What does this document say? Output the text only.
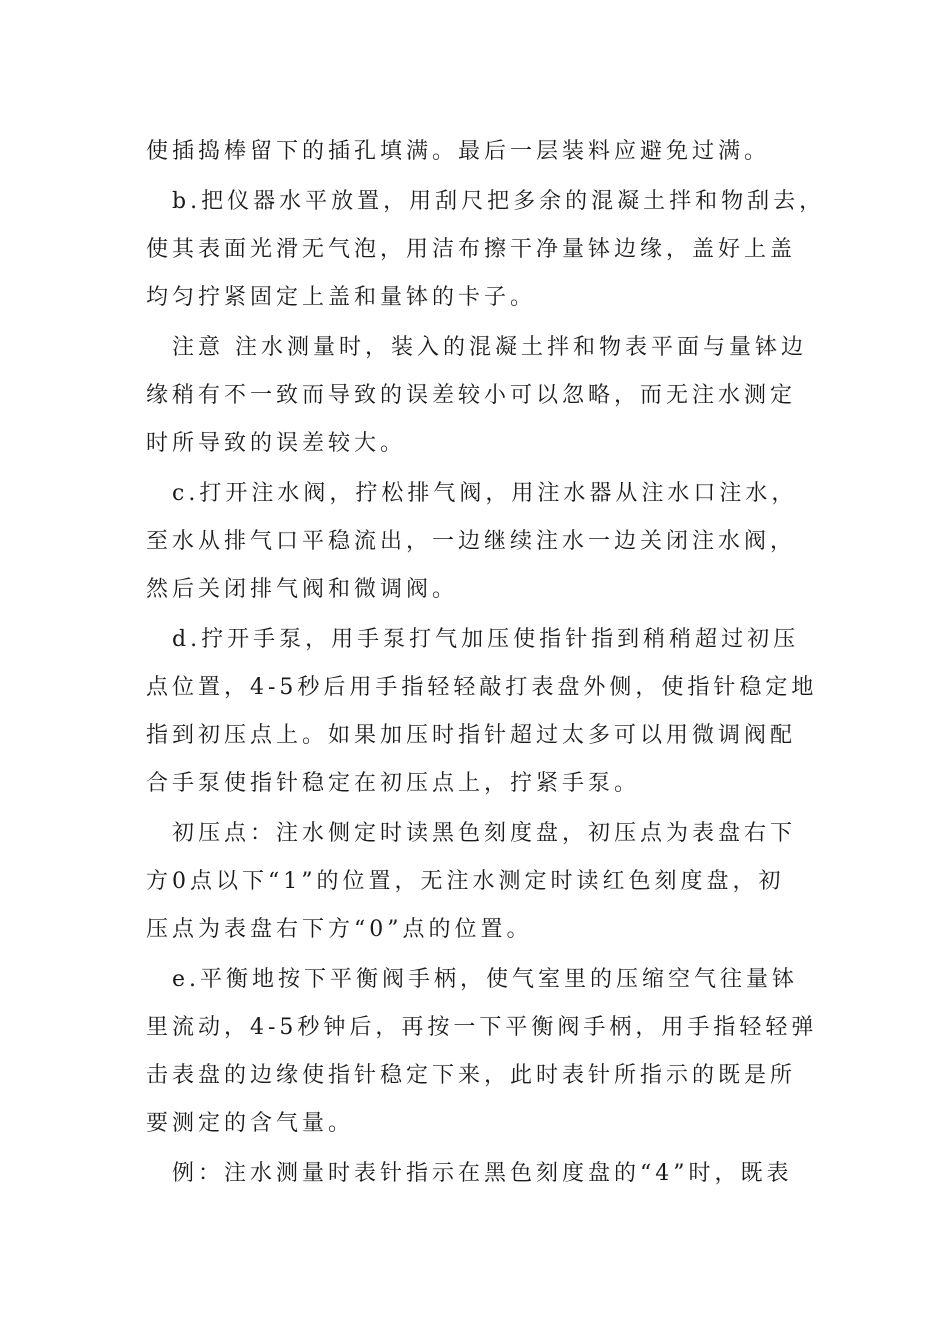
使插捣棒留下的插孔填满。最后一层装料应避免过满。
b.把仪器水平放置，用刮尺把多余的混凝土拌和物刮去，
使其表面光滑无气泡，用洁布擦干净量钵边缘，盖好上盖
均匀拧紧固定上盖和量钵的卡子。
注意 注水测量时，装入的混凝土拌和物表平面与量钵边
缘稍有不一致而导致的误差较小可以忽略，而无注水测定
时所导致的误差较大。
c.打开注水阀，拧松排气阀，用注水器从注水口注水，
至水从排气口平稳流出，一边继续注水一边关闭注水阀，
然后关闭排气阀和微调阀。
d.拧开手泵，用手泵打气加压使指针指到稍稍超过初压
点位置，4-5秒后用手指轻轻敲打表盘外侧，使指针稳定地
指到初压点上。如果加压时指针超过太多可以用微调阀配
合手泵使指针稳定在初压点上，拧紧手泵。
初压点：注水侧定时读黑色刻度盘，初压点为表盘右下
方0点以下“1”的位置，无注水测定时读红色刻度盘，初
压点为表盘右下方“0”点的位置。
e.平衡地按下平衡阀手柄，使气室里的压缩空气往量钵
里流动，4-5秒钟后，再按一下平衡阀手柄，用手指轻轻弹
击表盘的边缘使指针稳定下来，此时表针所指示的既是所
要测定的含气量。
例：注水测量时表针指示在黑色刻度盘的“4”时，既表
